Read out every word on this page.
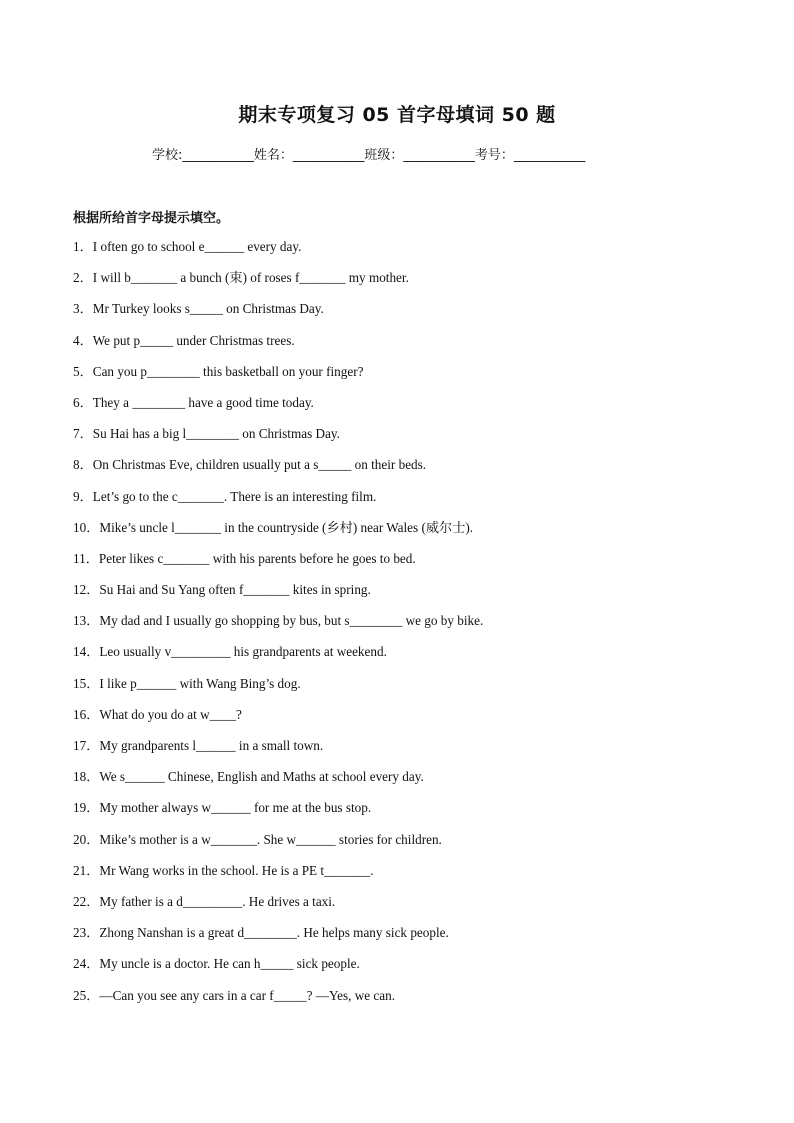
期末专项复习 05 首字母填词 50 题
学校:___________姓名：___________班级：___________考号：___________
根据所给首字母提示填空。
1．I often go to school e______ every day.
2．I will b_______ a bunch (束) of roses f_______ my mother.
3．Mr Turkey looks s_____ on Christmas Day.
4．We put p_____ under Christmas trees.
5．Can you p________ this basketball on your finger?
6．They a ________ have a good time today.
7．Su Hai has a big l________ on Christmas Day.
8．On Christmas Eve, children usually put a s_____ on their beds.
9．Let’s go to the c_______. There is an interesting film.
10．Mike’s uncle l_______ in the countryside (乡村) near Wales (威尔士).
11．Peter likes c_______ with his parents before he goes to bed.
12．Su Hai and Su Yang often f_______ kites in spring.
13．My dad and I usually go shopping by bus, but s________ we go by bike.
14．Leo usually v_________ his grandparents at weekend.
15．I like p______ with Wang Bing’s dog.
16．What do you do at w____?
17．My grandparents l______ in a small town.
18．We s______ Chinese, English and Maths at school every day.
19．My mother always w______ for me at the bus stop.
20．Mike’s mother is a w_______. She w______ stories for children.
21．Mr Wang works in the school. He is a PE t_______.
22．My father is a d_________. He drives a taxi.
23．Zhong Nanshan is a great d________. He helps many sick people.
24．My uncle is a doctor. He can h_____ sick people.
25．—Can you see any cars in a car f_____? —Yes, we can.
